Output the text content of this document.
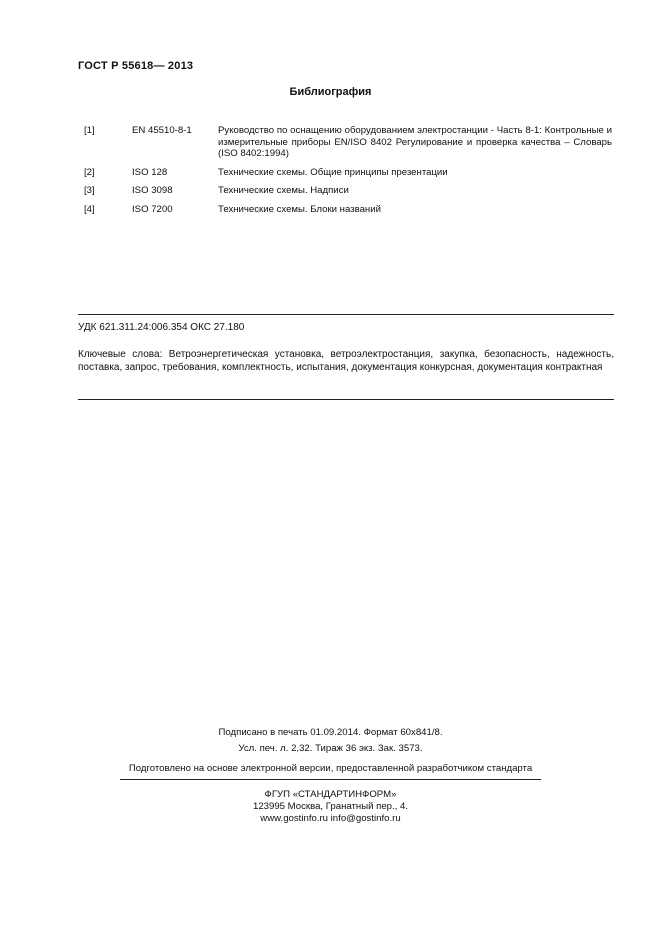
ГОСТ Р 55618— 2013
Библиография
[1]	EN 45510-8-1	Руководство по оснащению оборудованием электростанции - Часть 8-1: Контрольные и измерительные приборы EN/ISO 8402 Регулирование и проверка качества – Словарь (ISO 8402:1994)
[2]	ISO 128	Технические схемы. Общие принципы презентации
[3]	ISO 3098	Технические схемы. Надписи
[4]	ISO 7200	Технические схемы. Блоки названий
УДК 621.311.24:006.354 ОКС 27.180
Ключевые слова: Ветроэнергетическая установка, ветроэлектростанция, закупка, безопасность, надежность, поставка, запрос, требования, комплектность, испытания, документация конкурсная, документация контрактная
Подписано в печать 01.09.2014. Формат 60x841/8.
Усл. печ. л. 2,32. Тираж 36 экз. Зак. 3573.
Подготовлено на основе электронной версии, предоставленной разработчиком стандарта
ФГУП «СТАНДАРТИНФОРМ»
123995 Москва, Гранатный пер., 4.
www.gostinfo.ru info@gostinfo.ru
